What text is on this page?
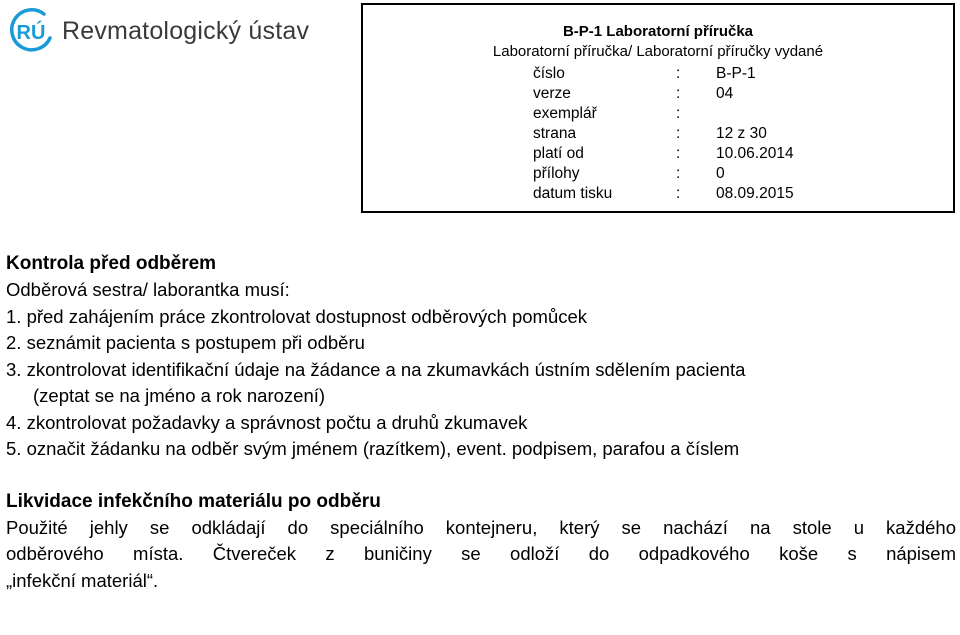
RÚ Revmatologický ústav	B-P-1 Laboratorní příručka
Laboratorní příručka/ Laboratorní příručky vydané
číslo	: B-P-1
verze	: 04
exemplář	:
strana	: 12 z 30
platí od	: 10.06.2014
přílohy	: 0
datum tisku	: 08.09.2015
Kontrola před odběrem
Odběrová sestra/ laborantka musí:
1. před zahájením práce zkontrolovat dostupnost odběrových pomůcek
2. seznámit pacienta s postupem při odběru
3. zkontrolovat identifikační údaje na žádance a na zkumavkách ústním sdělením pacienta
(zeptat se na jméno a rok narození)
4. zkontrolovat požadavky a správnost počtu a druhů zkumavek
5. označit žádanku na odběr svým jménem (razítkem), event. podpisem, parafou a číslem
Likvidace infekčního materiálu po odběru
Použité jehly se odkládají do speciálního kontejneru, který se nachází na stole u každého
odběrového místa. Čtvereček z buničiny se odloží do odpadkového koše s nápisem
„infekční materiál“.
